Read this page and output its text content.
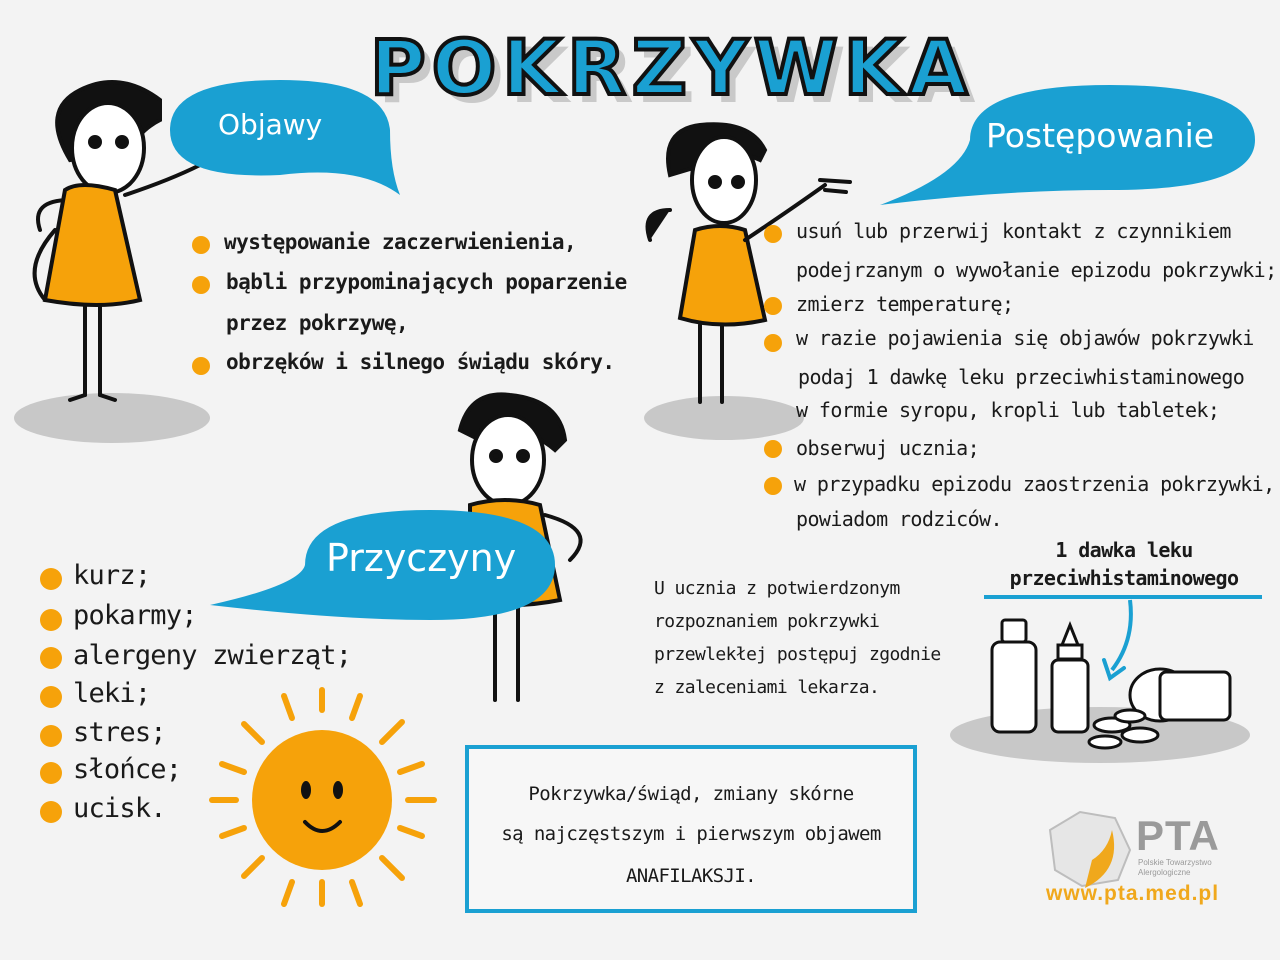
POKRZYWKA
Objawy	Postępowanie
Przyczyny
występowanie zaczerwienienia,
bąbli przypominających poparzenie
przez pokrzywę,
obrzęków i silnego świądu skóry.
usuń lub przerwij kontakt z czynnikiem
podejrzanym o wywołanie epizodu pokrzywki;
zmierz temperaturę;
w razie pojawienia się objawów pokrzywki
podaj 1 dawkę leku przeciwhistaminowego
w formie syropu, kropli lub tabletek;
obserwuj ucznia;
w przypadku epizodu zaostrzenia pokrzywki,
powiadom rodziców.
kurz;
pokarmy;
alergeny zwierząt;
leki;
stres;
słońce;
ucisk.
U ucznia z potwierdzonym
rozpoznaniem pokrzywki
przewlekłej postępuj zgodnie
z zaleceniami lekarza.
1 dawka leku
przeciwhistaminowego
Pokrzywka/świąd, zmiany skórne
są najczęstszym i pierwszym objawem
ANAFILAKSJI.
PTA
Polskie Towarzystwo Alergologiczne
www.pta.med.pl
